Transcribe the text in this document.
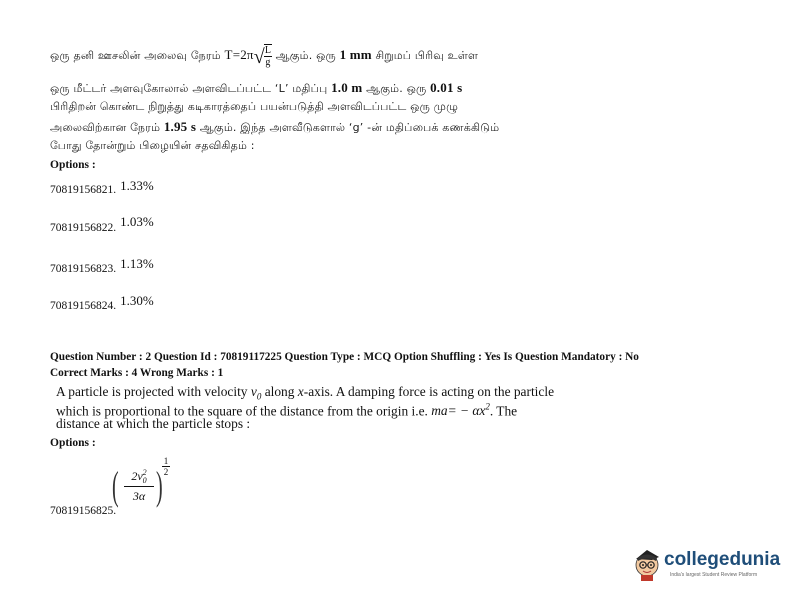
ஒரு தனி ஊசலின் அலைவு நேரம் $T=2\pi√ \frac{L}{g}$ ஆகும். ஒரு 1 mm சிறுமப் பிரிவு உள்ள
ஒரு மீட்டர் அளவுகோலால் அளவிடப்பட்ட ‘L’ மதிப்பு 1.0 m ஆகும். ஒரு 0.01 s
பிரிதிறன் கொண்ட நிறுத்து கடிகாரத்தைப் பயன்படுத்தி அளவிடப்பட்ட ஒரு முழு
அலைவிற்கான நேரம் 1.95 s ஆகும். இந்த அளவீடுகளால் ‘g’ -ன் மதிப்பைக் கணக்கிடும்
போது தோன்றும் பிழையின் சதவிகிதம் :
Options :
70819156821. 1.33%
70819156822. $^{1.03\%}$
70819156823. $^{1.13\%}$
70819156824. $^{1.30\%}$
Question Number : 2 Question Id : 70819117225 Question Type : MCQ Option Shuffling : Yes Is Question Mandatory : No
Correct Marks : 4 Wrong Marks : 1
A particle is projected with velocity $v_0$ along x-axis. A damping force is acting on the particle
which is proportional to the square of the distance from the origin i.e. $ma= - \alpha x^2$. The
distance at which the particle stops :
Options :
( 2v 2
0
3α ) $\frac{1}{2}$
70819156825.
collegedunia
India's largest Student Review Platform
